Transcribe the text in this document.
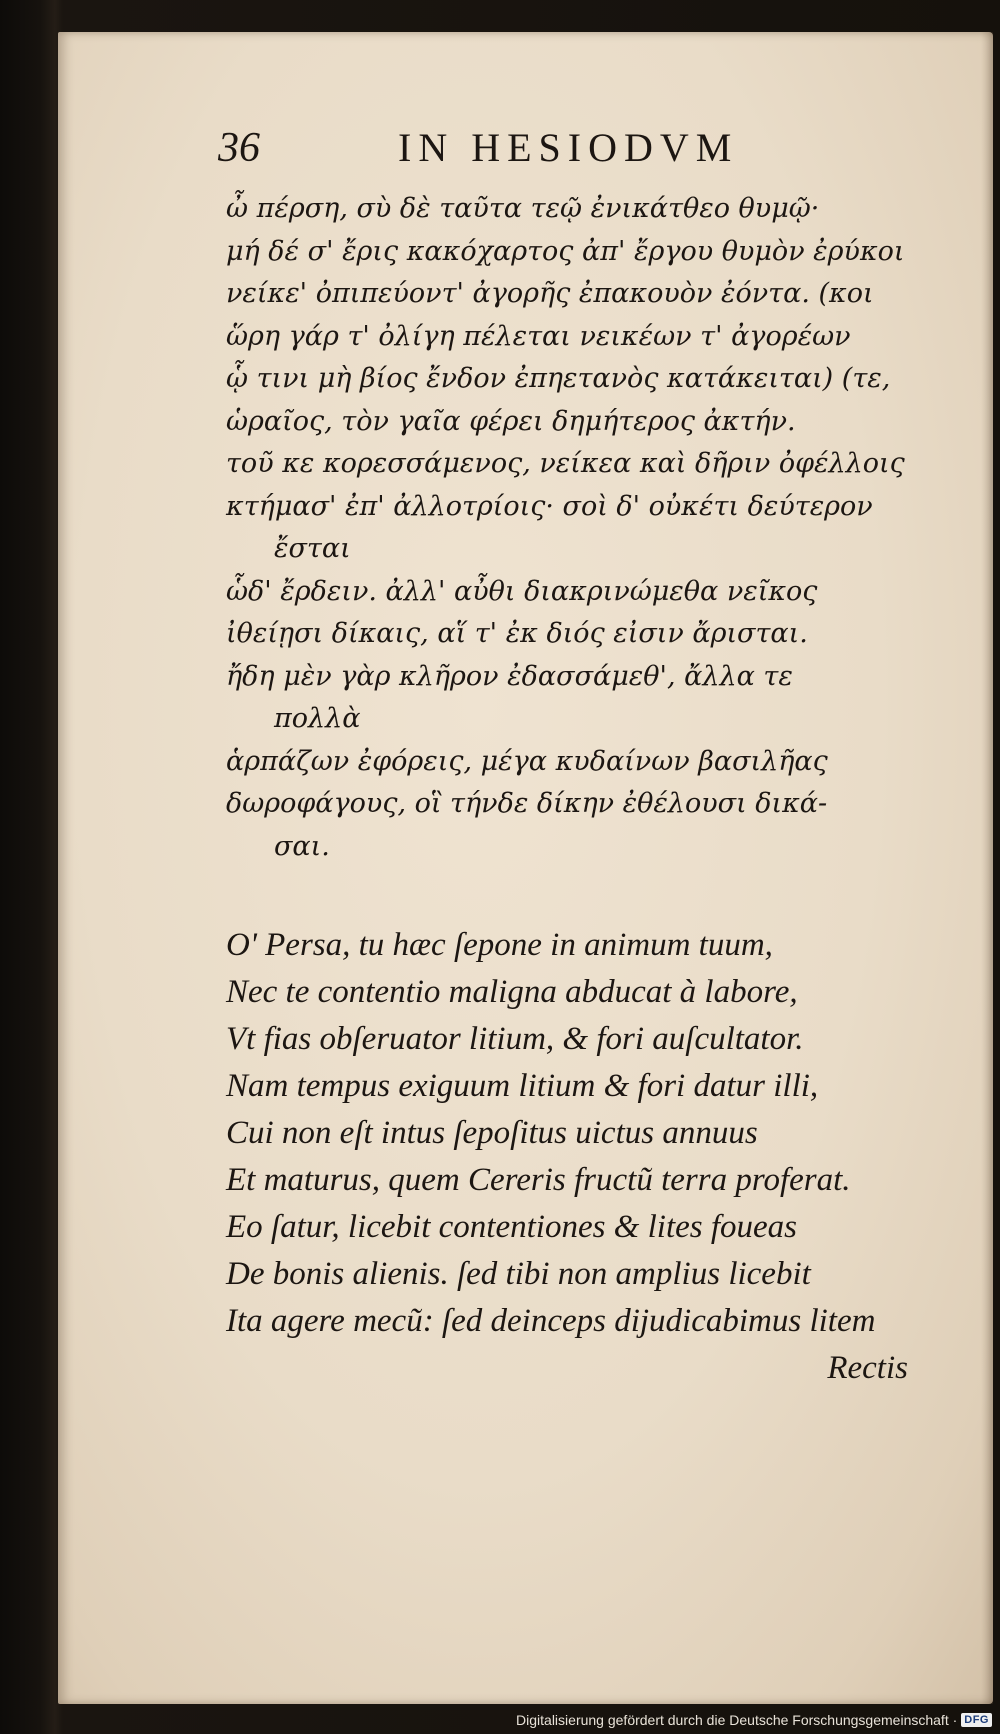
36	IN HESIODVM
ὦ πέρση, σὺ δὲ ταῦτα τεῷ ἐνικάτθεο θυμῷ·
μή δέ σ' ἔρις κακόχαρτος ἀπ' ἔργου θυμὸν ἐρύκοι
νείκε' ὀπιπεύοντ' ἀγορῆς ἐπακουὸν ἐόντα. (κοι
ὥρη γάρ τ' ὀλίγη πέλεται νεικέων τ' ἀγορέων
ᾧ τινι μὴ βίος ἔνδον ἐπηετανὸς κατάκειται) (τε,
ὡραῖος, τὸν γαῖα φέρει δημήτερος ἀκτήν.
τοῦ κε κορεσσάμενος, νείκεα καὶ δῆριν ὀφέλλοις
κτήμασ' ἐπ' ἀλλοτρίοις· σοὶ δ' οὐκέτι δεύτερον
ἔσται
ὧδ' ἔρδειν. ἀλλ' αὖθι διακρινώμεθα νεῖκος
ἰθείῃσι δίκαις, αἵ τ' ἐκ διός εἰσιν ἄρισται.
ἤδη μὲν γὰρ κλῆρον ἐδασσάμεθ', ἄλλα τε
πολλὰ
ἁρπάζων ἐφόρεις, μέγα κυδαίνων βασιλῆας
δωροφάγους, οἳ τήνδε δίκην ἐθέλουσι δικά-
σαι.
O' Persa, tu hæc ſepone in animum tuum,
Nec te contentio maligna abducat à labore,
Vt fias obſeruator litium, & fori auſcultator.
Nam tempus exiguum litium & fori datur illi,
Cui non eſt intus ſepoſitus uictus annuus
Et maturus, quem Cereris fructũ terra proferat.
Eo ſatur, licebit contentiones & lites foueas
De bonis alienis. ſed tibi non amplius licebit
Ita agere mecũ: ſed deinceps dijudicabimus litem
Rectis
Digitalisierung gefördert durch die Deutsche Forschungsgemeinschaft · DFG
